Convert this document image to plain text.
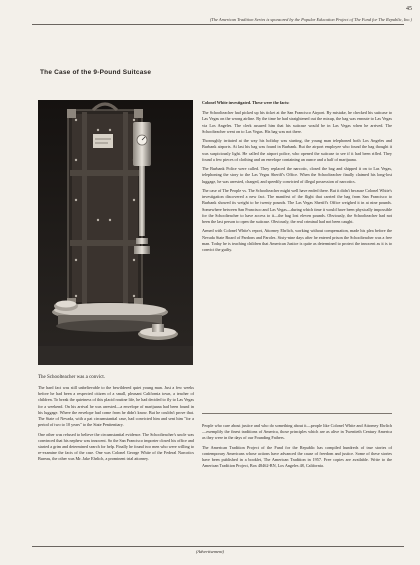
45
(The American Tradition Series is sponsored by the Popular Education Project of The Fund for The Republic, Inc.)
The Case of the 9-Pound Suitcase
The Schoolteacher was a convict.

The hard fact was still unbelievable to the bewildered quiet young man. Just a few weeks before he had been a respected citizen of a small, pleasant California town, a teacher of children. To break the quietness of this placid routine life, he had decided to fly to Las Vegas for a weekend. On his arrival he was arrested—a envelope of marijuana had been found in his luggage. Where the envelope had come from he didn't know. But he couldn't prove that. The State of Nevada, with a pat circumstantial case, had convicted him and sent him "for a period of two to 10 years" to the State Penitentiary.

One other was refused to believe the circumstantial evidence. The Schoolteacher's uncle was convinced that his nephew was innocent. So the San Francisco importer closed his office and started a grim and determined search for help. Finally he found two men who were willing to re-examine the facts of the case. One was Colonel George White of the Federal Narcotics Bureau, the other was Mr. Jake Ehrlich, a prominent trial attorney.

Colonel White investigated. These were the facts:

The Schoolteacher had picked up his ticket at the San Francisco Airport. By mistake, he checked his suitcase to Las Vegas on the wrong airline. By the time he had straightened out the mixup, the bag was enroute to Las Vegas via Los Angeles. The clerk assured him that his suitcase would be in Las Vegas when he arrived. The Schoolteacher went on to Las Vegas. His bag was not there.

Thoroughly irritated at the way his holiday was starting, the young man telephoned both Los Angeles and Burbank airports. At last his bag was found in Burbank. But the airport employee who found the bag thought it was suspiciously light. He called the airport police, who opened the suitcase to see if it had been rifled. They found a few pieces of clothing and an envelope containing an ounce and a half of marijuana.

The Burbank Police were called. They replaced the narcotic, closed the bag and shipped it on to Las Vegas, telephoning the story to the Las Vegas Sheriff's Office. When the Schoolteacher finally claimed his long-lost luggage, he was arrested, charged, and speedily convicted of illegal possession of narcotics.

The case of The People vs. The Schoolteacher might well have ended there. But it didn't because Colonel White's investigation discovered a new fact. The manifest of the flight that carried the bag from San Francisco to Burbank showed its weight to be twenty pounds. The Las Vegas Sheriff's Office weighed it in at nine pounds. Somewhere between San Francisco and Las Vegas—during which time it would have been physically impossible for the Schoolteacher to have access to it—the bag lost eleven pounds. Obviously, the Schoolteacher had not been the last person to open the suitcase. Obviously, the real criminal had not been caught.

Armed with Colonel White's report, Attorney Ehrlich, working without compensation, made his plea before the Nevada State Board of Pardons and Paroles. Sixty-nine days after he entered prison the Schoolteacher was a free man. Today he is teaching children that American Justice is quite as determined to protect the innocent as it is to convict the guilty.

People who care about justice and who do something about it—people like Colonel White and Attorney Ehrlich—exemplify the finest traditions of America, those principles which are as alive in Twentieth Century America as they were in the days of our Founding Fathers.

The American Tradition Project of the Fund for the Republic has compiled hundreds of true stories of contemporary Americans whose actions have advanced the cause of freedom and justice. Some of these stories have been published in a booklet, The American Tradition in 1957. Free copies are available. Write to the American Tradition Project, Box 48462-BN, Los Angeles 48, California.

(Advertisement)
